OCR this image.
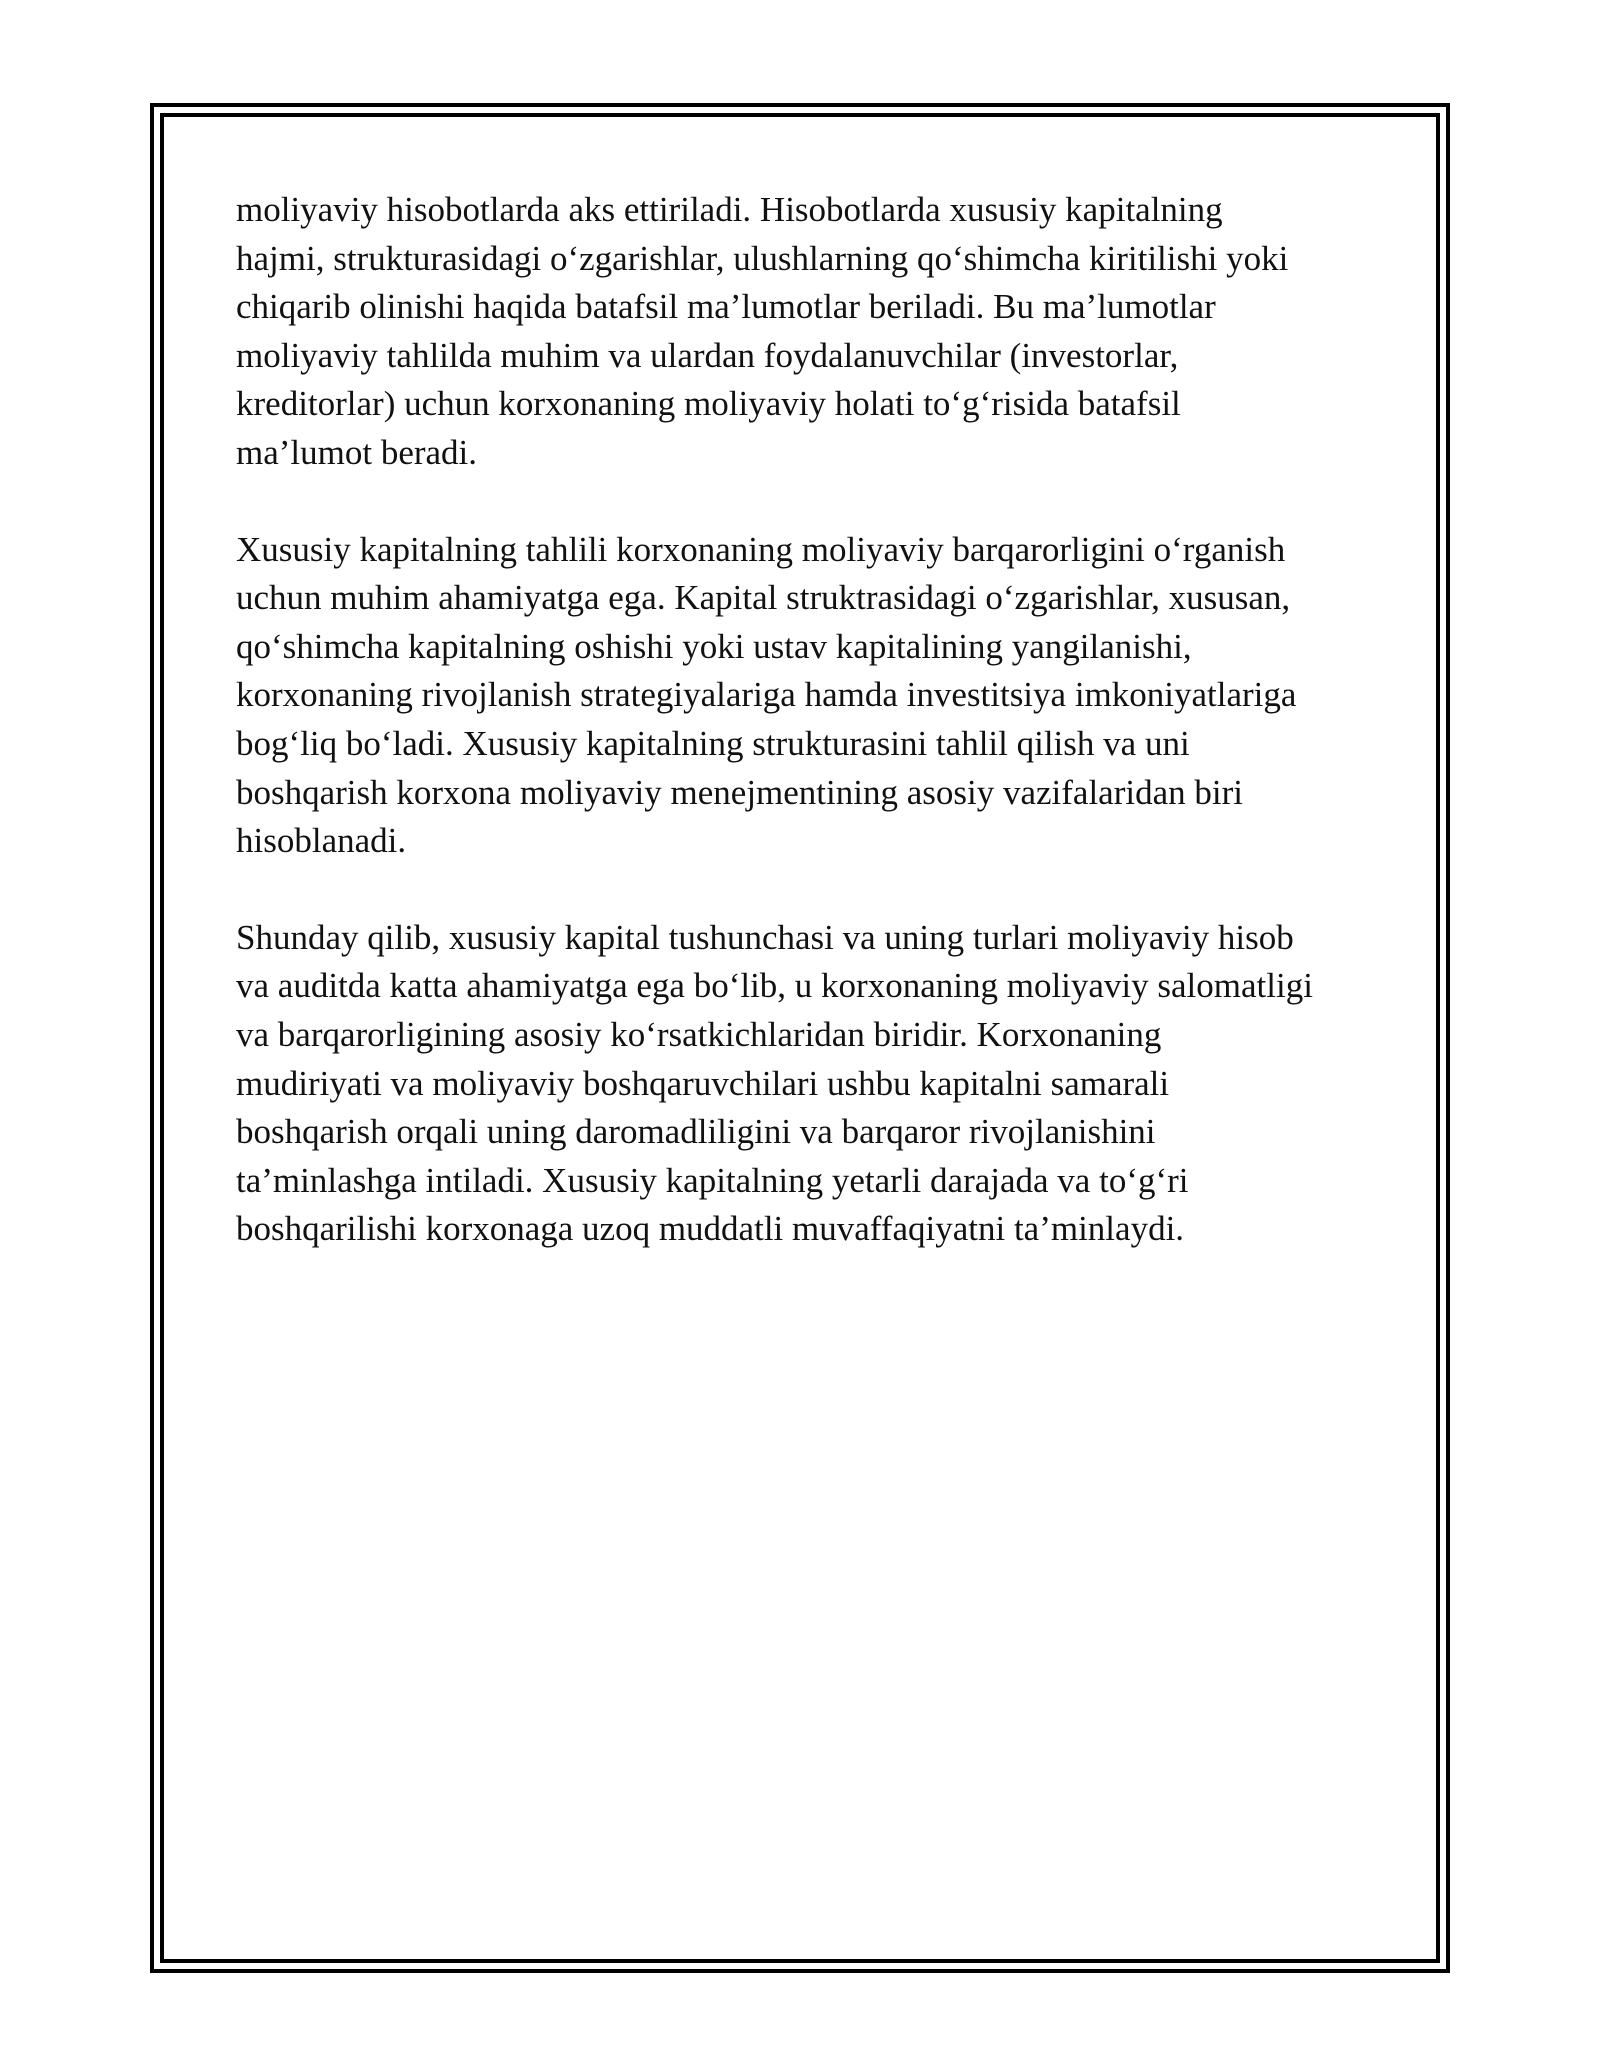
moliyaviy hisobotlarda aks ettiriladi. Hisobotlarda xususiy kapitalning
hajmi, strukturasidagi o‘zgarishlar, ulushlarning qo‘shimcha kiritilishi yoki
chiqarib olinishi haqida batafsil ma’lumotlar beriladi. Bu ma’lumotlar
moliyaviy tahlilda muhim va ulardan foydalanuvchilar (investorlar,
kreditorlar) uchun korxonaning moliyaviy holati to‘g‘risida batafsil
ma’lumot beradi.

Xususiy kapitalning tahlili korxonaning moliyaviy barqarorligini o‘rganish
uchun muhim ahamiyatga ega. Kapital struktrasidagi o‘zgarishlar, xususan,
qo‘shimcha kapitalning oshishi yoki ustav kapitalining yangilanishi,
korxonaning rivojlanish strategiyalariga hamda investitsiya imkoniyatlariga
bog‘liq bo‘ladi. Xususiy kapitalning strukturasini tahlil qilish va uni
boshqarish korxona moliyaviy menejmentining asosiy vazifalaridan biri
hisoblanadi.

Shunday qilib, xususiy kapital tushunchasi va uning turlari moliyaviy hisob
va auditda katta ahamiyatga ega bo‘lib, u korxonaning moliyaviy salomatligi
va barqarorligining asosiy ko‘rsatkichlaridan biridir. Korxonaning
mudiriyati va moliyaviy boshqaruvchilari ushbu kapitalni samarali
boshqarish orqali uning daromadliligini va barqaror rivojlanishini
ta’minlashga intiladi. Xususiy kapitalning yetarli darajada va to‘g‘ri
boshqarilishi korxonaga uzoq muddatli muvaffaqiyatni ta’minlaydi.
